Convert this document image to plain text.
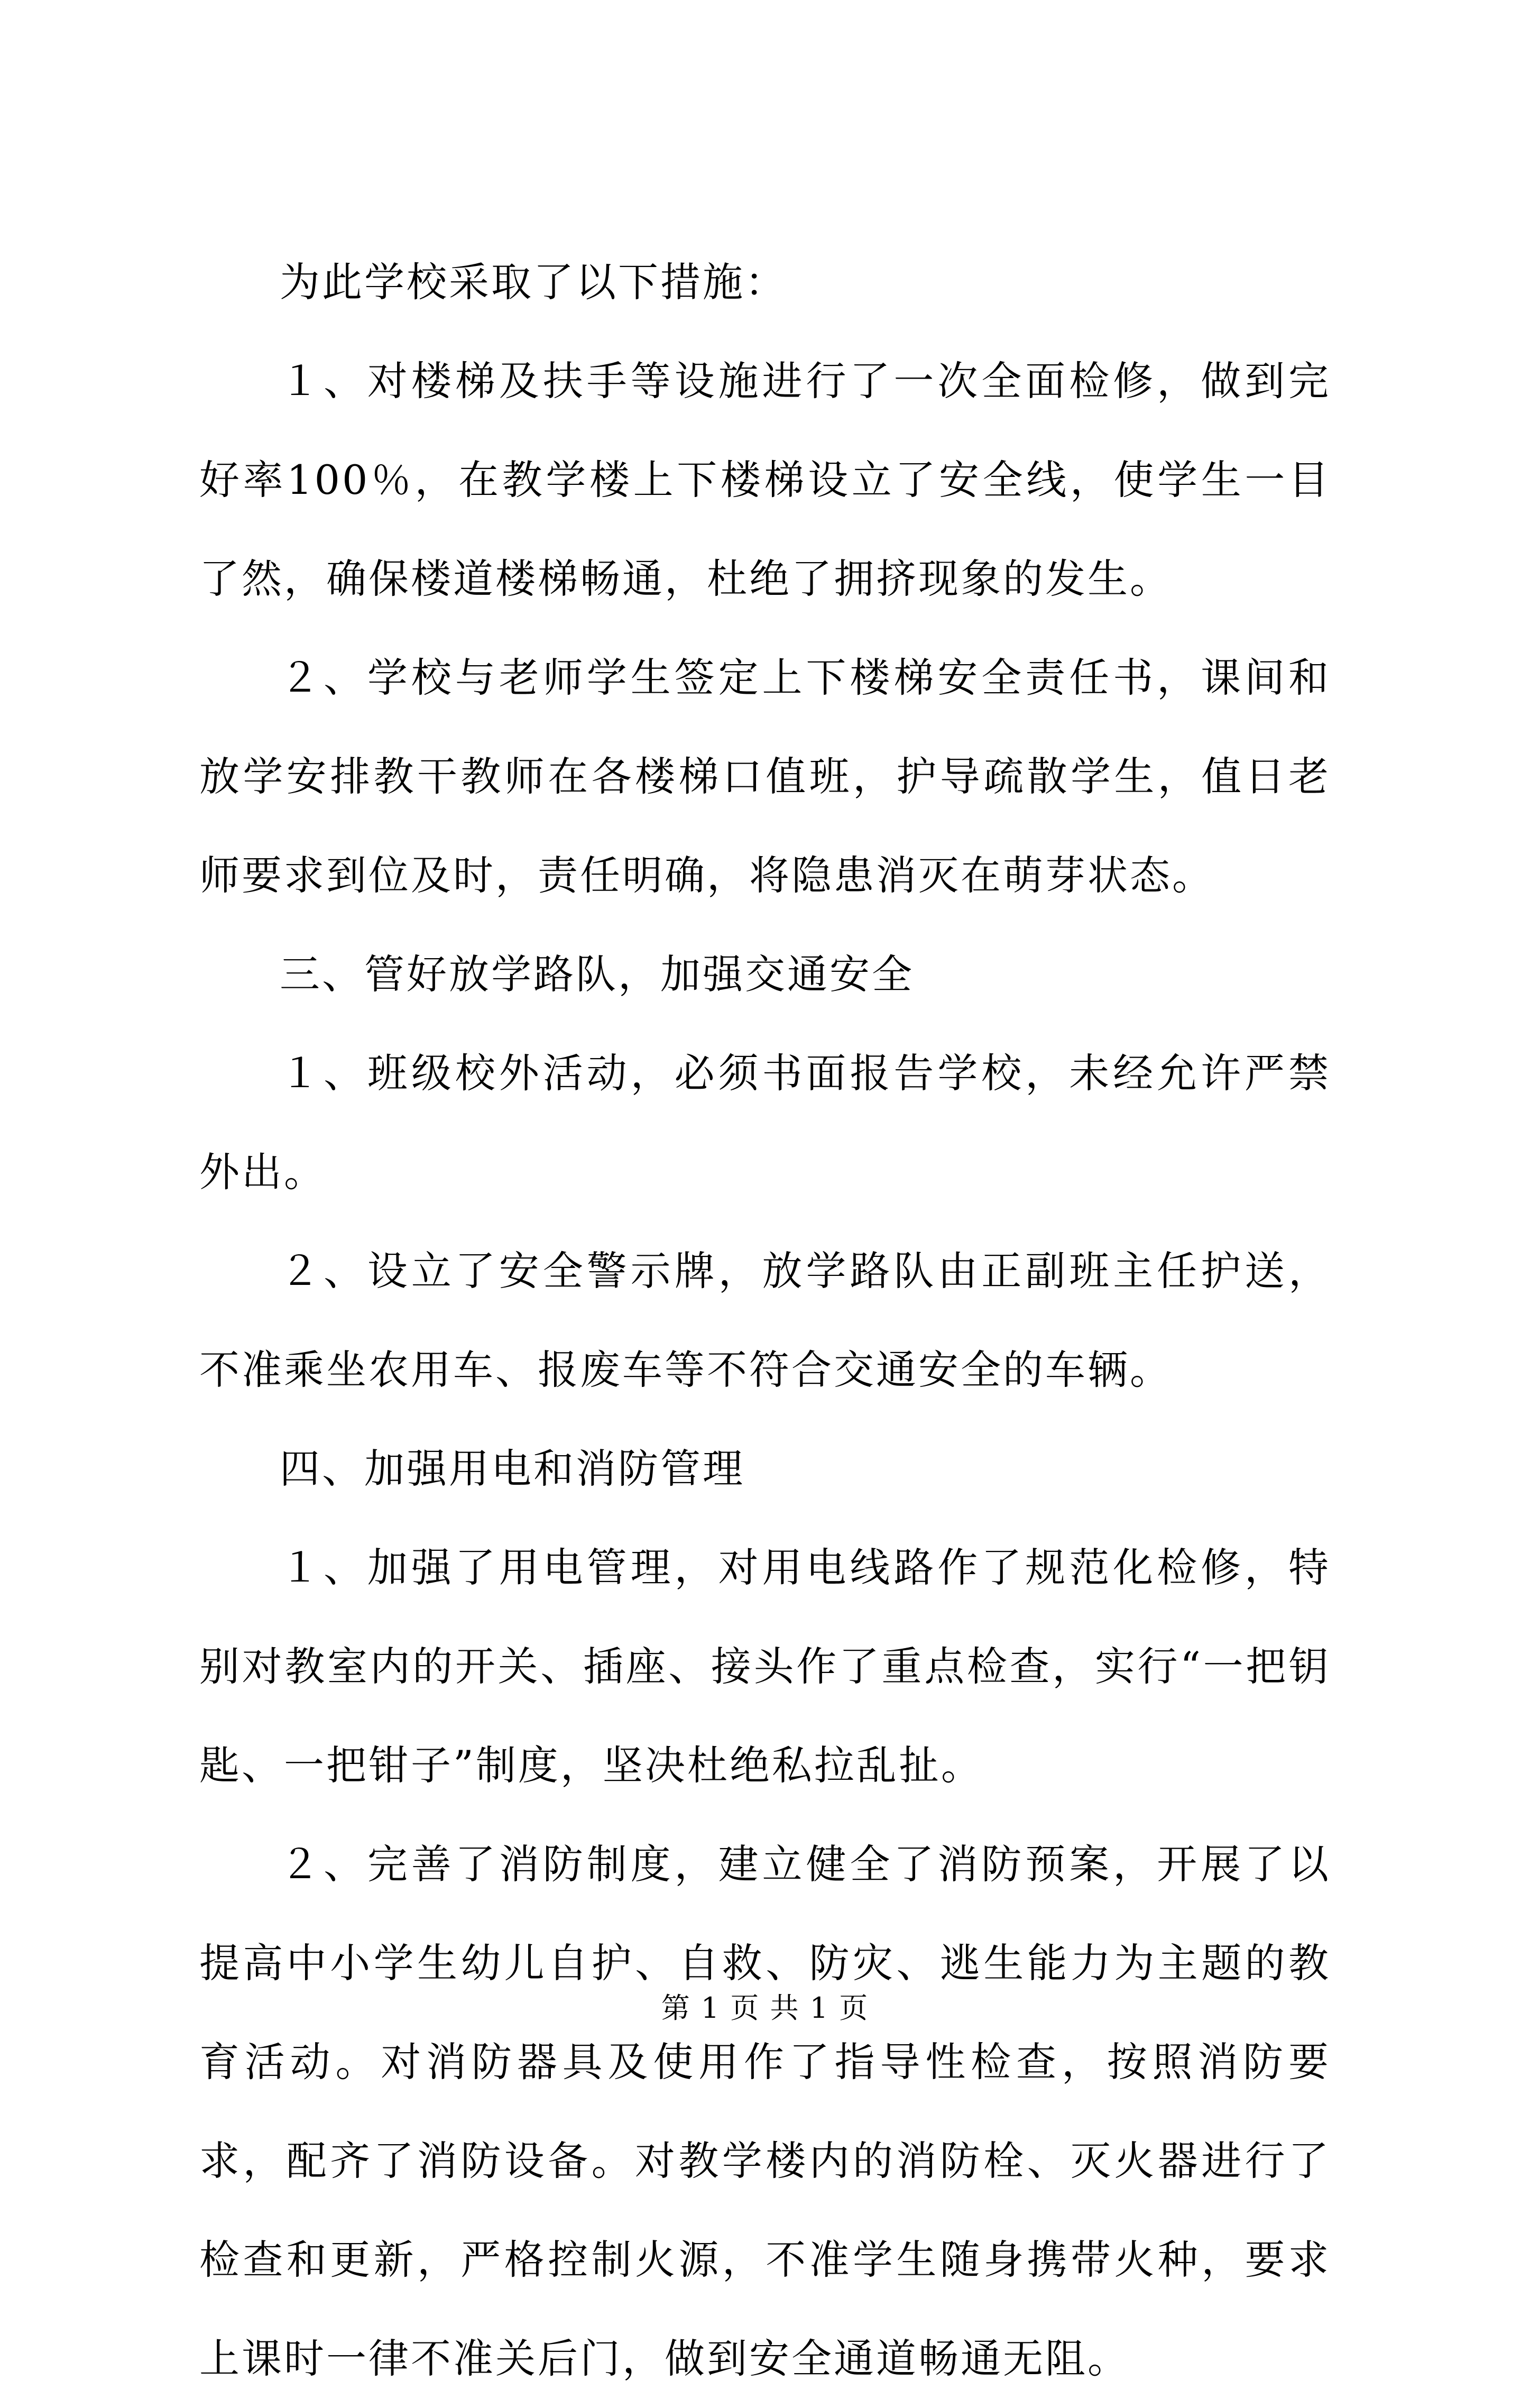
为此学校采取了以下措施：

１、对楼梯及扶手等设施进行了一次全面检修，做到完好率100％，在教学楼上下楼梯设立了安全线，使学生一目了然，确保楼道楼梯畅通，杜绝了拥挤现象的发生。

２、学校与老师学生签定上下楼梯安全责任书，课间和放学安排教干教师在各楼梯口值班，护导疏散学生，值日老师要求到位及时，责任明确，将隐患消灭在萌芽状态。

三、管好放学路队，加强交通安全

１、班级校外活动，必须书面报告学校，未经允许严禁外出。

２、设立了安全警示牌，放学路队由正副班主任护送，不准乘坐农用车、报废车等不符合交通安全的车辆。

四、加强用电和消防管理

１、加强了用电管理，对用电线路作了规范化检修，特别对教室内的开关、插座、接头作了重点检查，实行“一把钥匙、一把钳子”制度，坚决杜绝私拉乱扯。

２、完善了消防制度，建立健全了消防预案，开展了以提高中小学生幼儿自护、自救、防灾、逃生能力为主题的教育活动。对消防器具及使用作了指导性检查，按照消防要求，配齐了消防设备。对教学楼内的消防栓、灭火器进行了检查和更新，严格控制火源，不准学生随身携带火种，要求上课时一律不准关后门，做到安全通道畅通无阻。

第 1 页 共 1 页
